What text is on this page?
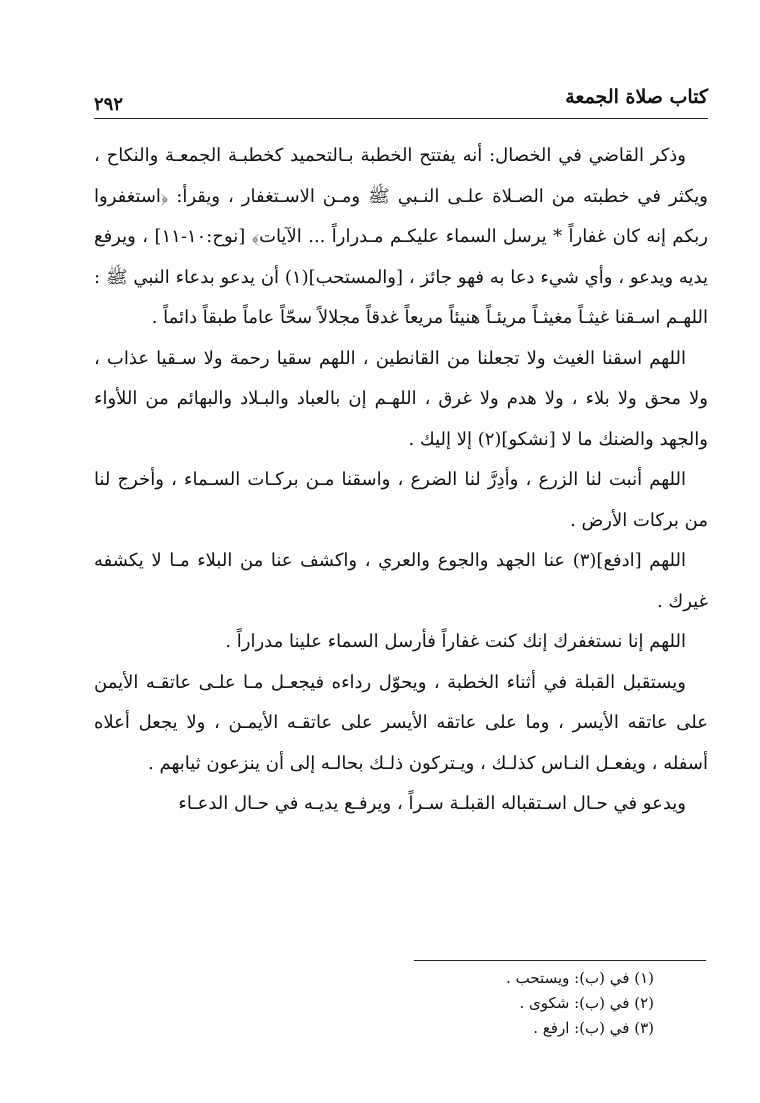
كتاب صلاة الجمعة
٢٩٢

وذكر القاضي في الخصال: أنه يفتتح الخطبة بـالتحميد كخطبـة الجمعـة والنكاح ، ويكثر في خطبته من الصـلاة علـى النـبي ﷺ ومـن الاسـتغفار ، ويقرأ: ﴿استغفروا ربكم إنه كان غفاراً * يرسل السماء عليكـم مـدراراً ... الآيات﴾ [نوح:١٠-١١] ، ويرفع يديه ويدعو ، وأي شيء دعا به فهو جائز ، [والمستحب](١) أن يدعو بدعاء النبي ﷺ : اللهـم اسـقنا غيثـاً مغيثـاً مريئـاً هنيئاً مريعاً غدقاً مجلالاً سحّاً عاماً طبقاً دائماً .

اللهم اسقنا الغيث ولا تجعلنا من القانطين ، اللهم سقيا رحمة ولا سـقيا عذاب ، ولا محق ولا بلاء ، ولا هدم ولا غرق ، اللهـم إن بالعباد والبـلاد والبهائم من اللأواء والجهد والضنك ما لا [نشكو](٢) إلا إليك .

اللهم أنبت لنا الزرع ، وأدِرَّ لنا الضرع ، واسقنا مـن بركـات السـماء ، وأخرج لنا من بركات الأرض .

اللهم [ادفع](٣) عنا الجهد والجوع والعري ، واكشف عنا من البلاء مـا لا يكشفه غيرك .

اللهم إنا نستغفرك إنك كنت غفاراً فأرسل السماء علينا مدراراً .

ويستقبل القبلة في أثناء الخطبة ، ويحوّل رداءه فيجعـل مـا علـى عاتقـه الأيمن على عاتقه الأيسر ، وما على عاتقه الأيسر على عاتقـه الأيمـن ، ولا يجعل أعلاه أسفله ، ويفعـل النـاس كذلـك ، ويـتركون ذلـك بحالـه إلى أن ينزعون ثيابهم .

ويدعو في حـال اسـتقباله القبلـة سـراً ، ويرفـع يديـه في حـال الدعـاء

(١) في (ب): ويستحب .

(٢) في (ب): شكوى .

(٣) في (ب): ارفع .
